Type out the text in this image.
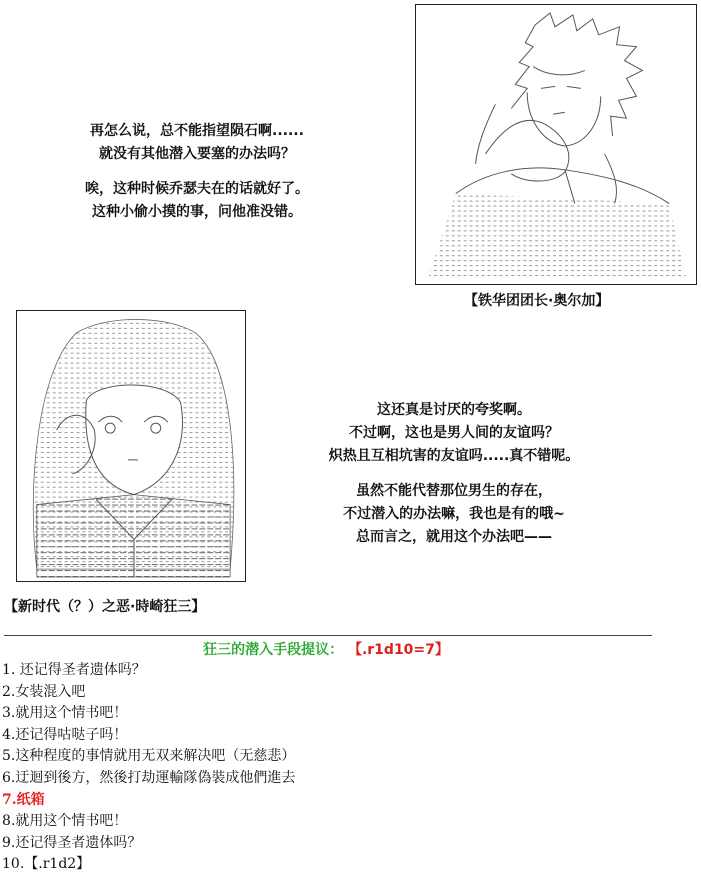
【铁华团团长·奥尔加】
再怎么说，总不能指望陨石啊......
就没有其他潜入要塞的办法吗？
唉，这种时候乔瑟夫在的话就好了。
这种小偷小摸的事，问他准没错。
【新时代（？）之恶·時崎狂三】
这还真是讨厌的夸奖啊。
不过啊，这也是男人间的友谊吗？
炽热且互相坑害的友谊吗.....真不错呢。
虽然不能代替那位男生的存在，
不过潜入的办法嘛，我也是有的哦~
总而言之，就用这个办法吧——
狂三的潜入手段提议： 【.r1d10=7】
1. 还记得圣者遗体吗？
2.女装混入吧
3.就用这个情书吧！
4.还记得咕哒子吗！
5.这种程度的事情就用无双来解决吧（无慈悲）
6.迂迴到後方，然後打劫運輸隊偽裝成他們進去
7.纸箱
8.就用这个情书吧！
9.还记得圣者遗体吗？
10.【.r1d2】
